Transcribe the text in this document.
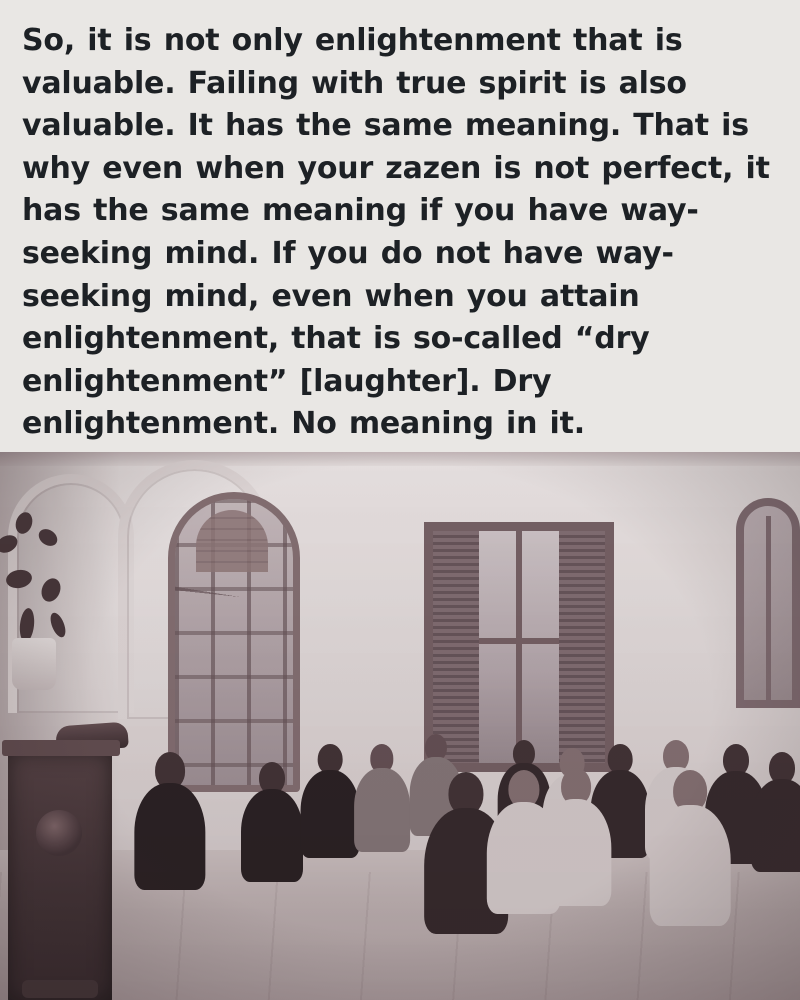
So, it is not only enlightenment that is valuable. Failing with true spirit is also valuable. It has the same meaning. That is why even when your zazen is not perfect, it has the same meaning if you have way-seeking mind. If you do not have way-seeking mind, even when you attain enlightenment, that is so-called “dry enlightenment” [laughter]. Dry enlightenment. No meaning in it.
